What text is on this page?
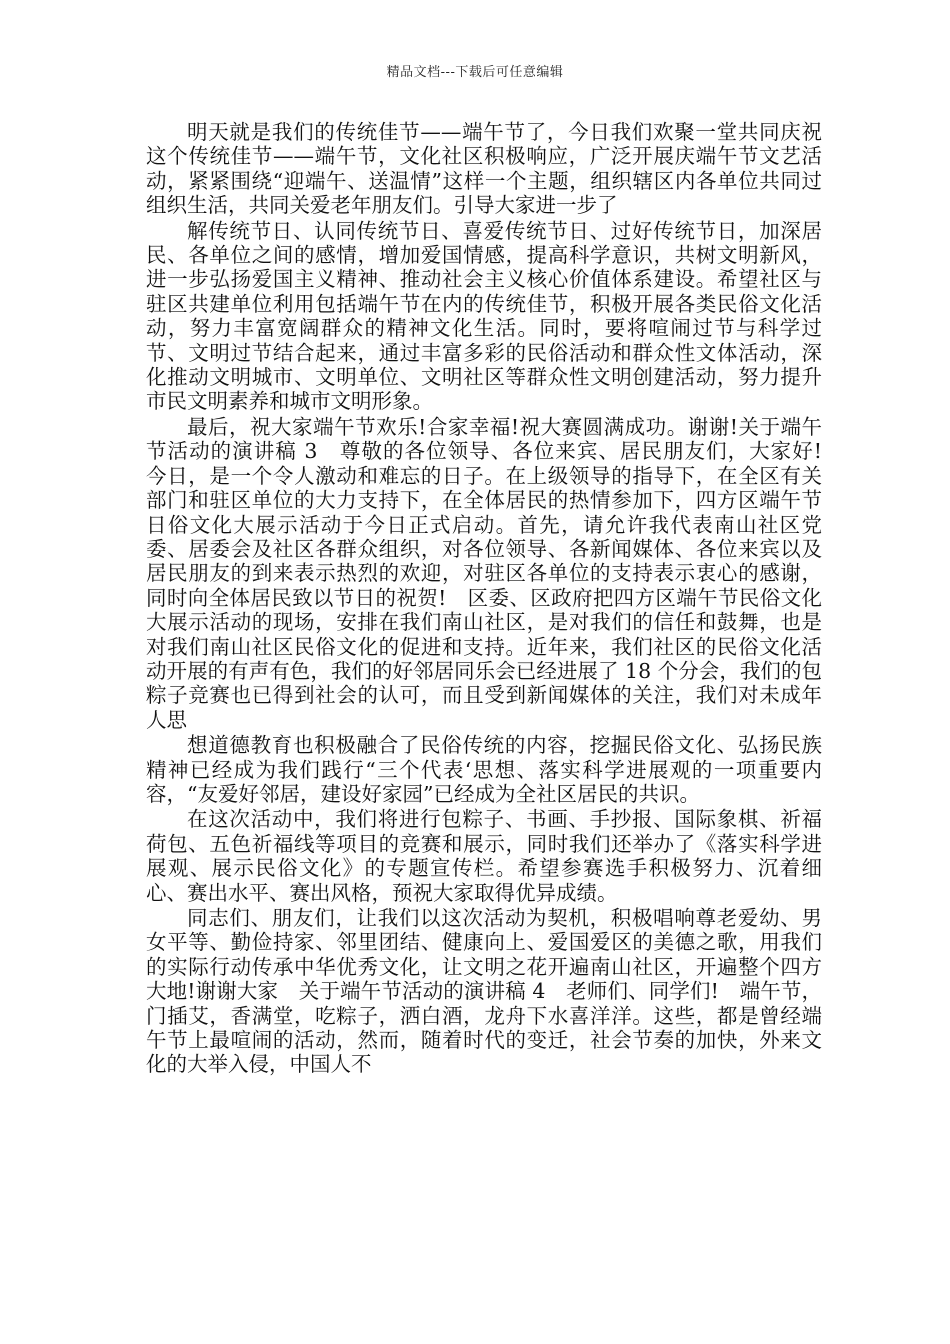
精品文档---下载后可任意编辑

明天就是我们的传统佳节——端午节了，今日我们欢聚一堂共同庆祝这个传统佳节——端午节，文化社区积极响应，广泛开展庆端午节文艺活动，紧紧围绕“迎端午、送温情”这样一个主题，组织辖区内各单位共同过组织生活，共同关爱老年朋友们。引导大家进一步了

解传统节日、认同传统节日、喜爱传统节日、过好传统节日，加深居民、各单位之间的感情，增加爱国情感，提高科学意识，共树文明新风，进一步弘扬爱国主义精神、推动社会主义核心价值体系建设。希望社区与驻区共建单位利用包括端午节在内的传统佳节，积极开展各类民俗文化活动，努力丰富宽阔群众的精神文化生活。同时，要将喧闹过节与科学过节、文明过节结合起来，通过丰富多彩的民俗活动和群众性文体活动，深化推动文明城市、文明单位、文明社区等群众性文明创建活动，努力提升市民文明素养和城市文明形象。

最后，祝大家端午节欢乐!合家幸福!祝大赛圆满成功。谢谢!关于端午节活动的演讲稿 3　尊敬的各位领导、各位来宾、居民朋友们，大家好!　今日，是一个令人激动和难忘的日子。在上级领导的指导下，在全区有关部门和驻区单位的大力支持下，在全体居民的热情参加下，四方区端午节日俗文化大展示活动于今日正式启动。首先，请允许我代表南山社区党委、居委会及社区各群众组织，对各位领导、各新闻媒体、各位来宾以及居民朋友的到来表示热烈的欢迎，对驻区各单位的支持表示衷心的感谢，同时向全体居民致以节日的祝贺!　区委、区政府把四方区端午节民俗文化大展示活动的现场，安排在我们南山社区，是对我们的信任和鼓舞，也是对我们南山社区民俗文化的促进和支持。近年来，我们社区的民俗文化活动开展的有声有色，我们的好邻居同乐会已经进展了 18 个分会，我们的包粽子竞赛也已得到社会的认可，而且受到新闻媒体的关注，我们对未成年人思

想道德教育也积极融合了民俗传统的内容，挖掘民俗文化、弘扬民族精神已经成为我们践行“三个代表‘思想、落实科学进展观的一项重要内容，“友爱好邻居，建设好家园”已经成为全社区居民的共识。

在这次活动中，我们将进行包粽子、书画、手抄报、国际象棋、祈福荷包、五色祈福线等项目的竞赛和展示，同时我们还举办了《落实科学进展观、展示民俗文化》的专题宣传栏。希望参赛选手积极努力、沉着细心、赛出水平、赛出风格，预祝大家取得优异成绩。

同志们、朋友们，让我们以这次活动为契机，积极唱响尊老爱幼、男女平等、勤俭持家、邻里团结、健康向上、爱国爱区的美德之歌，用我们的实际行动传承中华优秀文化，让文明之花开遍南山社区，开遍整个四方大地!谢谢大家　关于端午节活动的演讲稿 4　老师们、同学们!　端午节，门插艾，香满堂，吃粽子，洒白酒，龙舟下水喜洋洋。这些，都是曾经端午节上最喧闹的活动，然而，随着时代的变迁，社会节奏的加快，外来文化的大举入侵，中国人不
